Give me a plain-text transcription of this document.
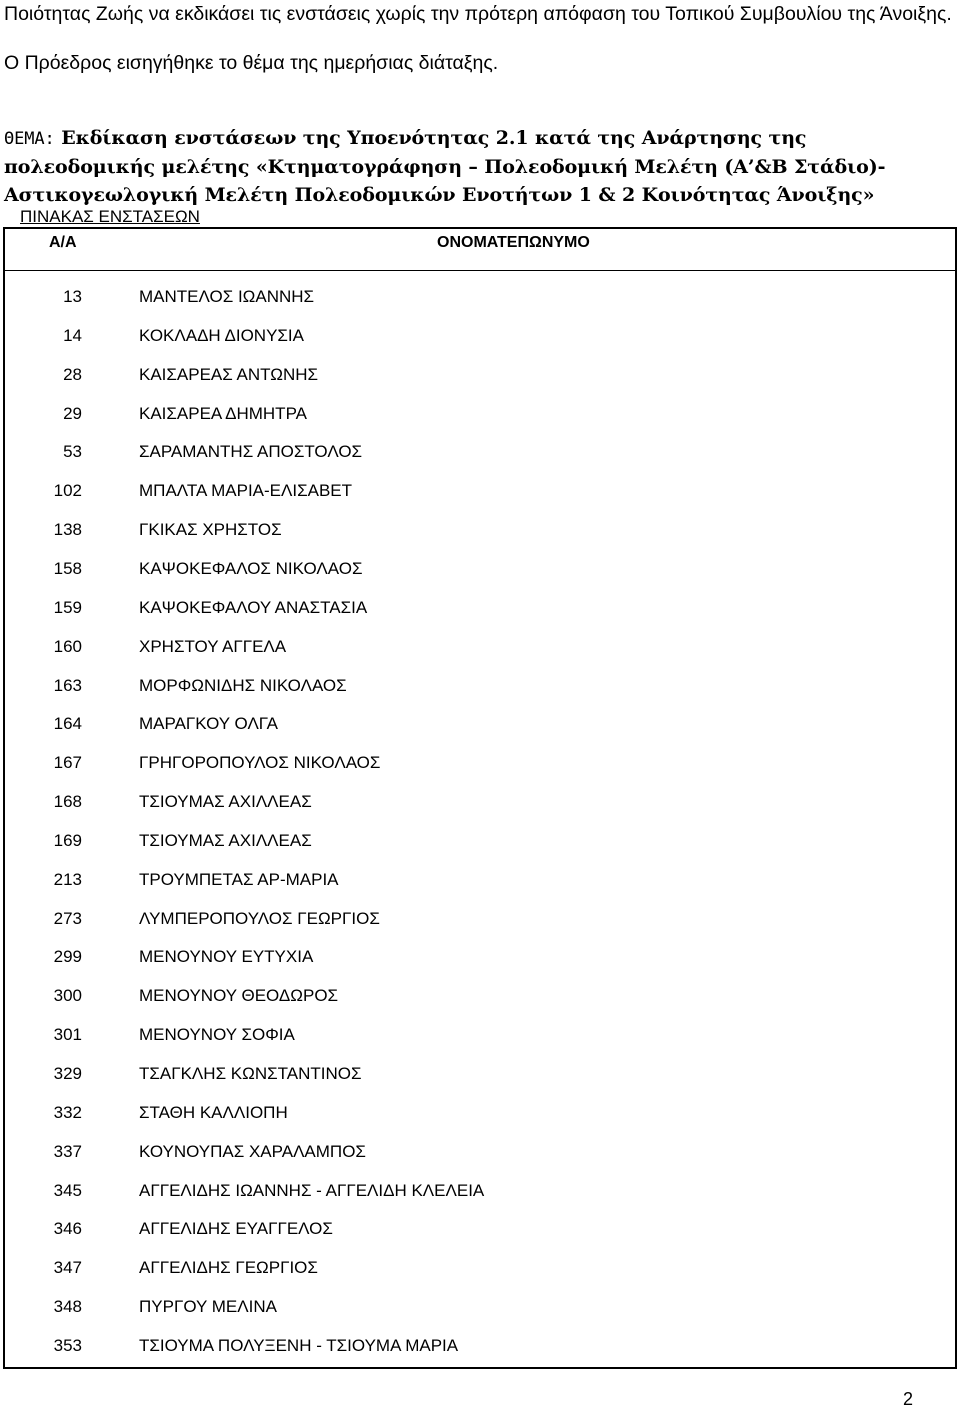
Ποιότητας Ζωής να εκδικάσει τις ενστάσεις χωρίς την πρότερη απόφαση του Τοπικού Συμβουλίου της Άνοιξης.

Ο Πρόεδρος εισηγήθηκε το θέμα της ημερήσιας διάταξης.

ΘΕΜΑ: Εκδίκαση ενστάσεων της Υποενότητας 2.1 κατά της Ανάρτησης της
πολεοδομικής μελέτης «Κτηματογράφηση – Πολεοδομική Μελέτη (Α’&Β Στάδιο)-
Αστικογεωλογική Μελέτη Πολεοδομικών Ενοτήτων 1 & 2 Κοινότητας Άνοιξης»
ΠΙΝΑΚΑΣ ΕΝΣΤΑΣΕΩΝ
Α/Α	ΟΝΟΜΑΤΕΠΩΝΥΜΟ
13	ΜΑΝΤΕΛΟΣ ΙΩΑΝΝΗΣ
14	ΚΟΚΛΑΔΗ ΔΙΟΝΥΣΙΑ
28	ΚΑΙΣΑΡΕΑΣ ΑΝΤΩΝΗΣ
29	ΚΑΙΣΑΡΕΑ ΔΗΜΗΤΡΑ
53	ΣΑΡΑΜΑΝΤΗΣ ΑΠΟΣΤΟΛΟΣ
102	ΜΠΑΛΤΑ ΜΑΡΙΑ-ΕΛΙΣΑΒΕΤ
138	ΓΚΙΚΑΣ ΧΡΗΣΤΟΣ
158	ΚΑΨΟΚΕΦΑΛΟΣ ΝΙΚΟΛΑΟΣ
159	ΚΑΨΟΚΕΦΑΛΟΥ ΑΝΑΣΤΑΣΙΑ
160	ΧΡΗΣΤΟΥ ΑΓΓΕΛΑ
163	ΜΟΡΦΩΝΙΔΗΣ ΝΙΚΟΛΑΟΣ
164	ΜΑΡΑΓΚΟΥ ΟΛΓΑ
167	ΓΡΗΓΟΡΟΠΟΥΛΟΣ ΝΙΚΟΛΑΟΣ
168	ΤΣΙΟΥΜΑΣ ΑΧΙΛΛΕΑΣ
169	ΤΣΙΟΥΜΑΣ ΑΧΙΛΛΕΑΣ
213	ΤΡΟΥΜΠΕΤΑΣ ΑΡ-ΜΑΡΙΑ
273	ΛΥΜΠΕΡΟΠΟΥΛΟΣ ΓΕΩΡΓΙΟΣ
299	ΜΕΝΟΥΝΟΥ ΕΥΤΥΧΙΑ
300	ΜΕΝΟΥΝΟΥ ΘΕΟΔΩΡΟΣ
301	ΜΕΝΟΥΝΟΥ ΣΟΦΙΑ
329	ΤΣΑΓΚΛΗΣ ΚΩΝΣΤΑΝΤΙΝΟΣ
332	ΣΤΑΘΗ ΚΑΛΛΙΟΠΗ
337	ΚΟΥΝΟΥΠΑΣ ΧΑΡΑΛΑΜΠΟΣ
345	ΑΓΓΕΛΙΔΗΣ ΙΩΑΝΝΗΣ - ΑΓΓΕΛΙΔΗ ΚΛΕΛΕΙΑ
346	ΑΓΓΕΛΙΔΗΣ ΕΥΑΓΓΕΛΟΣ
347	ΑΓΓΕΛΙΔΗΣ ΓΕΩΡΓΙΟΣ
348	ΠΥΡΓΟΥ ΜΕΛΙΝΑ
353	ΤΣΙΟΥΜΑ ΠΟΛΥΞΕΝΗ - ΤΣΙΟΥΜΑ ΜΑΡΙΑ
2
